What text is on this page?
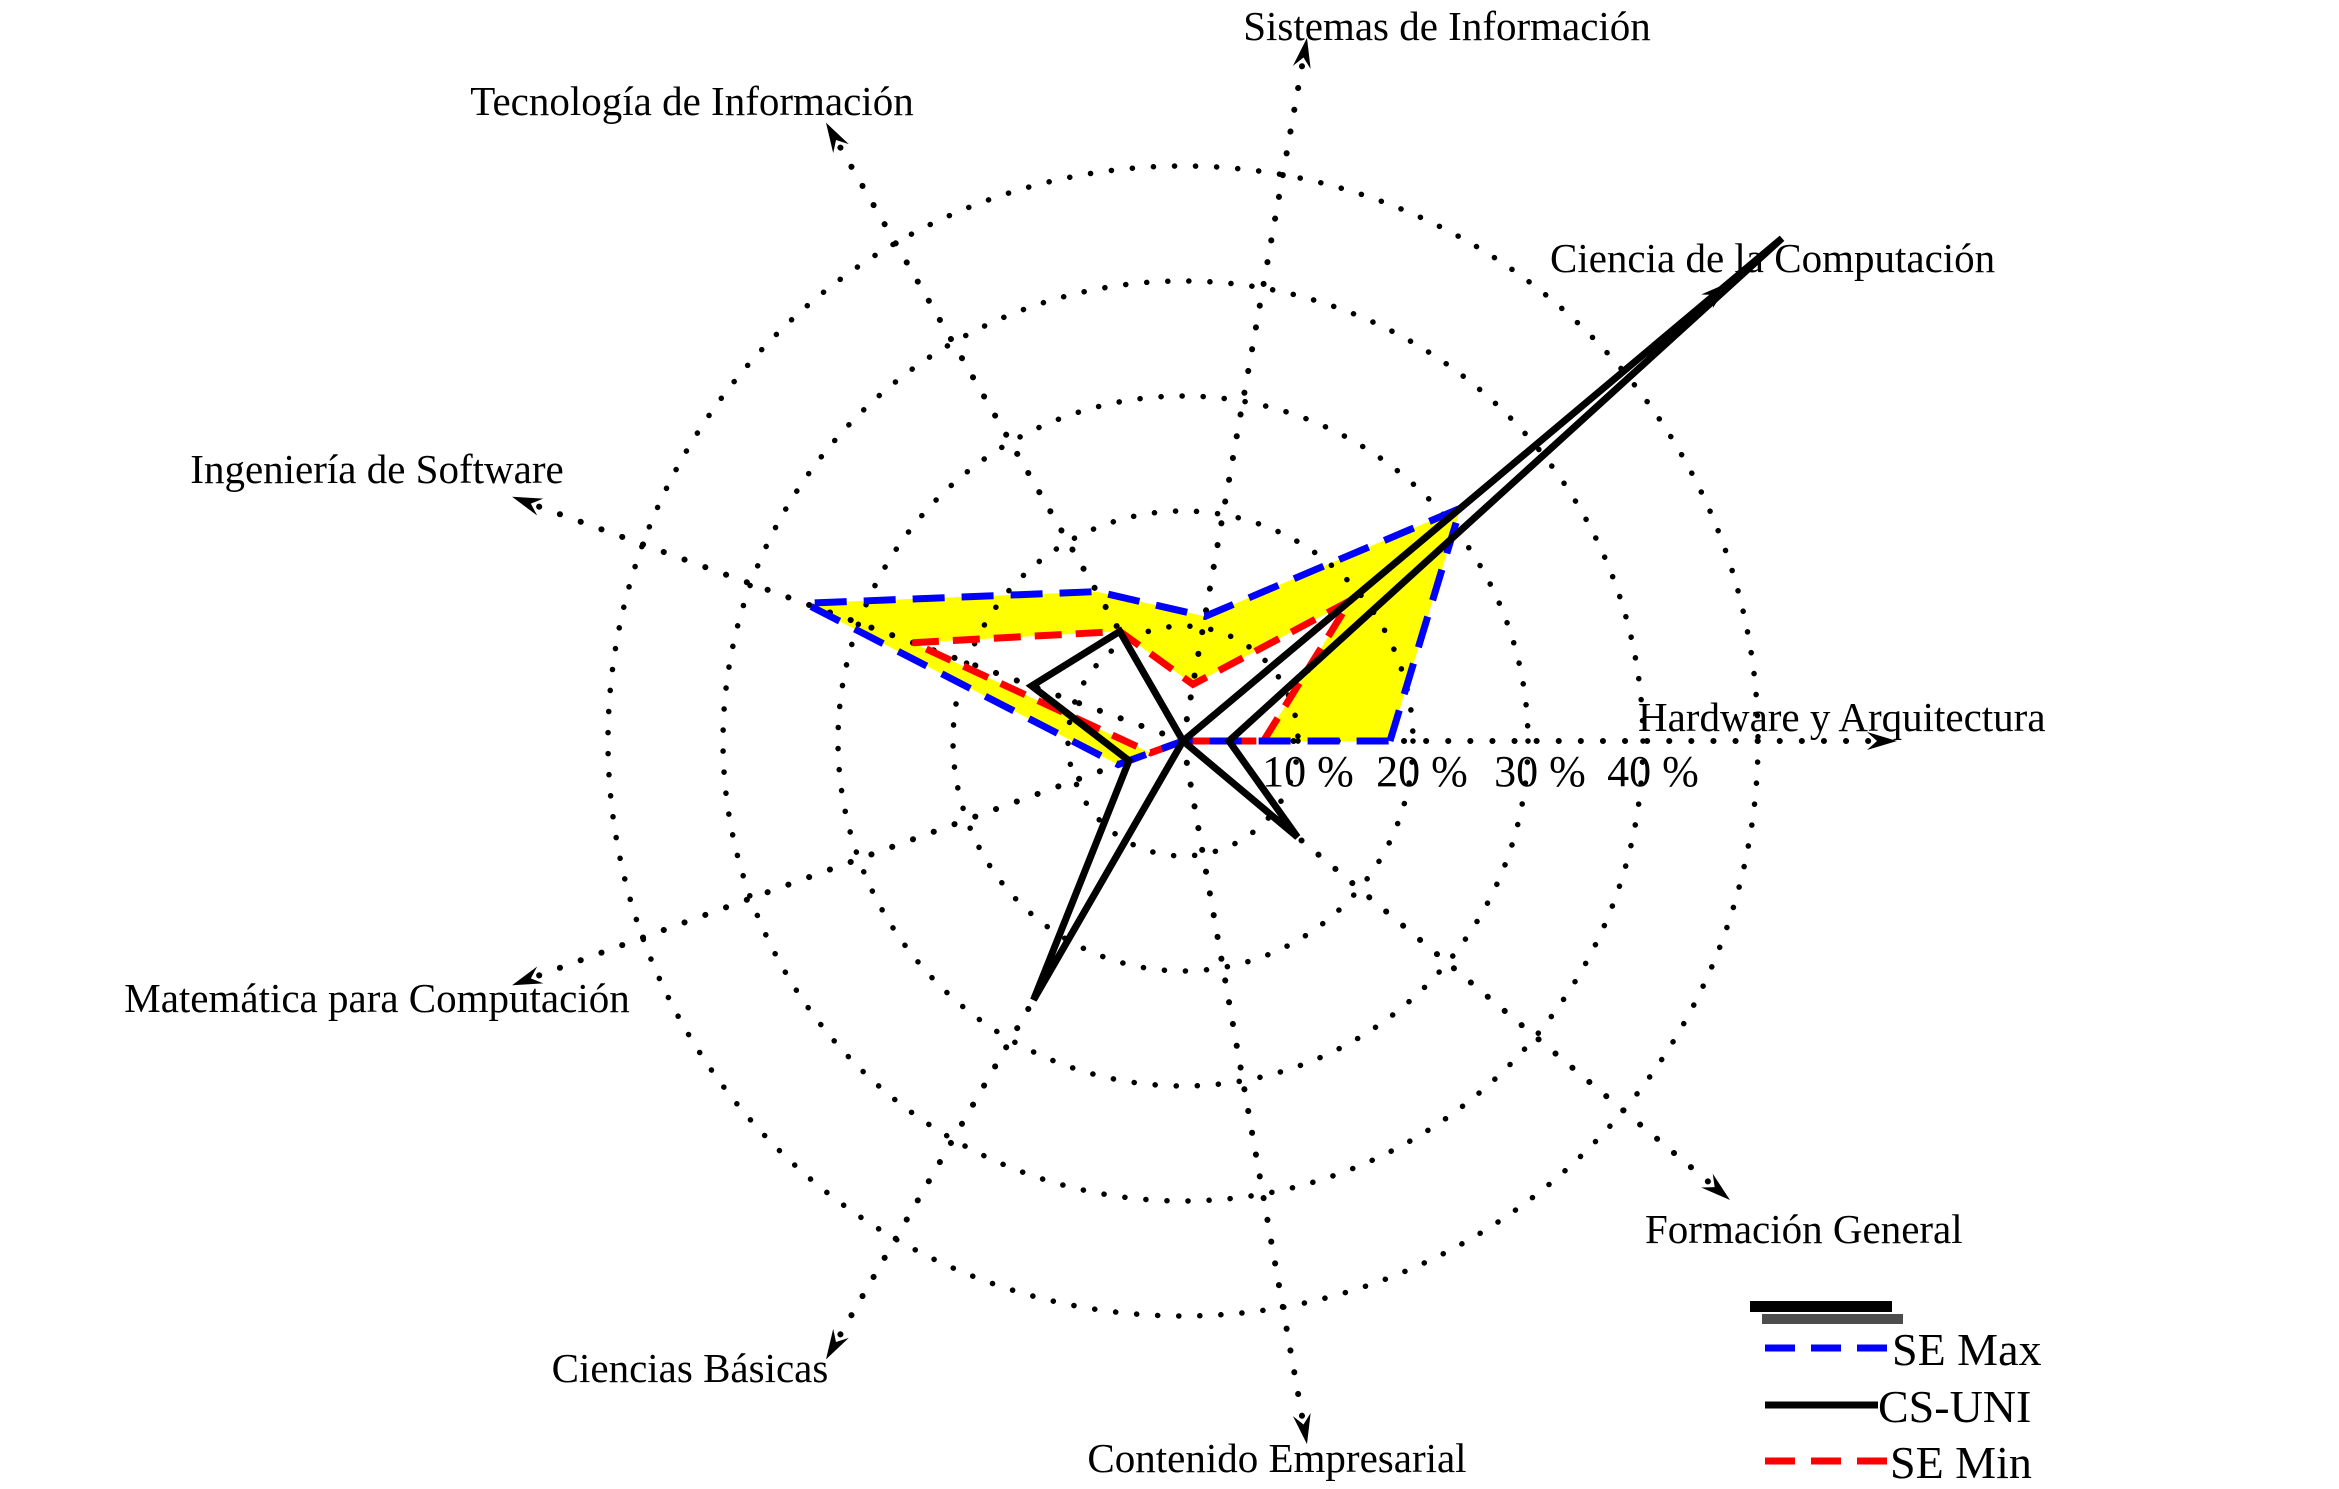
Hardware y Arquitectura
Ciencia de la Computación
Sistemas de Información
Tecnología de Información
Ingeniería de Software
Matemática para Computación
Ciencias Básicas
Contenido Empresarial
Formación General
10 % 20 % 30 % 40 %
SE Max
CS-UNI
SE Min
